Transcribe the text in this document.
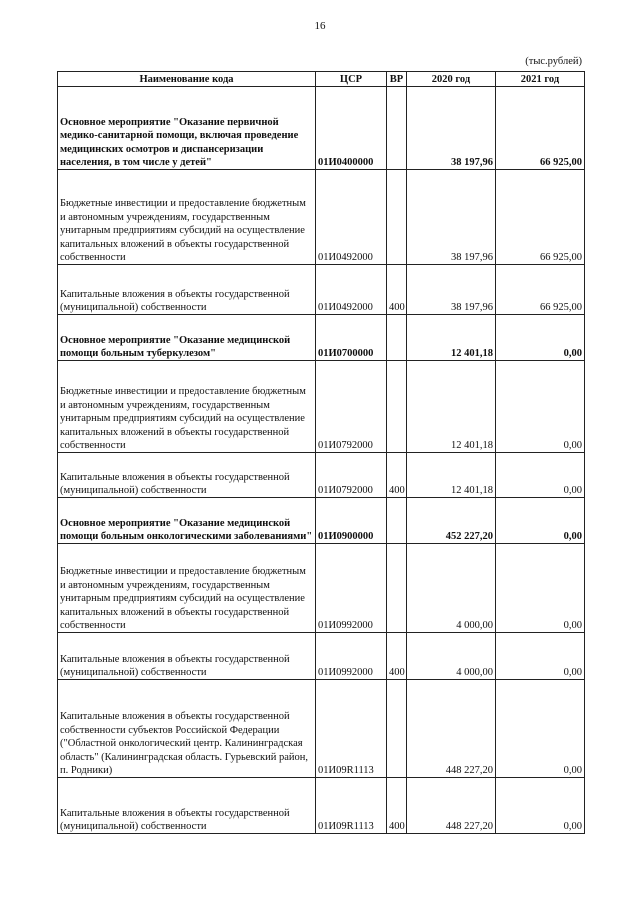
16
(тыс.рублей)
Наименование кода	ЦСР	ВР	2020 год	2021 год
Основное мероприятие "Оказание первичной медико-санитарной помощи, включая проведение медицинских осмотров и диспансеризации населения, в том числе у детей"	01И0400000		38 197,96	66 925,00
Бюджетные инвестиции и предоставление бюджетным и автономным учреждениям, государственным унитарным предприятиям субсидий на осуществление капитальных вложений в объекты государственной собственности	01И0492000		38 197,96	66 925,00
Капитальные вложения в объекты государственной (муниципальной) собственности	01И0492000	400	38 197,96	66 925,00
Основное мероприятие "Оказание медицинской помощи больным туберкулезом"	01И0700000		12 401,18	0,00
Бюджетные инвестиции и предоставление бюджетным и автономным учреждениям, государственным унитарным предприятиям субсидий на осуществление капитальных вложений в объекты государственной собственности	01И0792000		12 401,18	0,00
Капитальные вложения в объекты государственной (муниципальной) собственности	01И0792000	400	12 401,18	0,00
Основное мероприятие "Оказание медицинской помощи больным онкологическими заболеваниями"	01И0900000		452 227,20	0,00
Бюджетные инвестиции и предоставление бюджетным и автономным учреждениям, государственным унитарным предприятиям субсидий на осуществление капитальных вложений в объекты государственной собственности	01И0992000		4 000,00	0,00
Капитальные вложения в объекты государственной (муниципальной) собственности	01И0992000	400	4 000,00	0,00
Капитальные вложения в объекты государственной собственности субъектов Российской Федерации ("Областной онкологический центр. Калининградская область" (Калининградская область. Гурьевский район, п. Родники)	01И09R1113		448 227,20	0,00
Капитальные вложения в объекты государственной (муниципальной) собственности	01И09R1113	400	448 227,20	0,00
